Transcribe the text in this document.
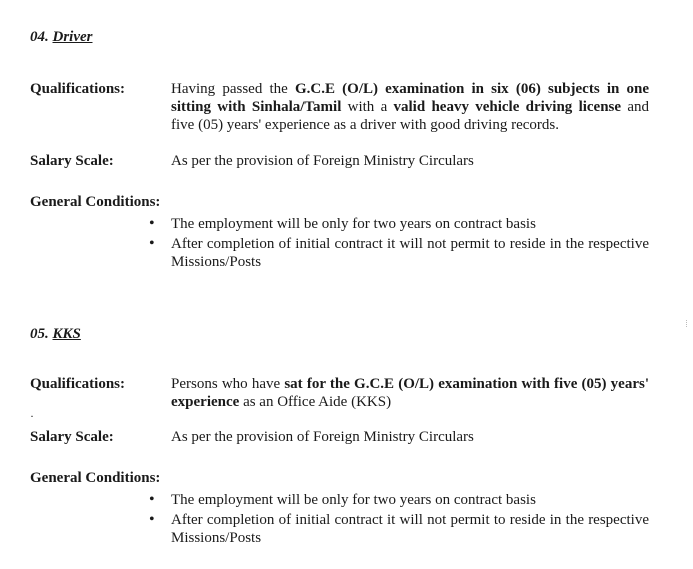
04. Driver
Qualifications:	Having passed the G.C.E (O/L) examination in six (06) subjects in one sitting with Sinhala/Tamil with a valid heavy vehicle driving license and five (05) years' experience as a driver with good driving records.
Salary Scale:	As per the provision of Foreign Ministry Circulars
General Conditions:
• The employment will be only for two years on contract basis
• After completion of initial contract it will not permit to reside in the respective Missions/Posts
05. KKS
Qualifications:	Persons who have sat for the G.C.E (O/L) examination with five (05) years' experience as an Office Aide (KKS)
·
Salary Scale:	As per the provision of Foreign Ministry Circulars
General Conditions:
• The employment will be only for two years on contract basis
• After completion of initial contract it will not permit to reside in the respective Missions/Posts
